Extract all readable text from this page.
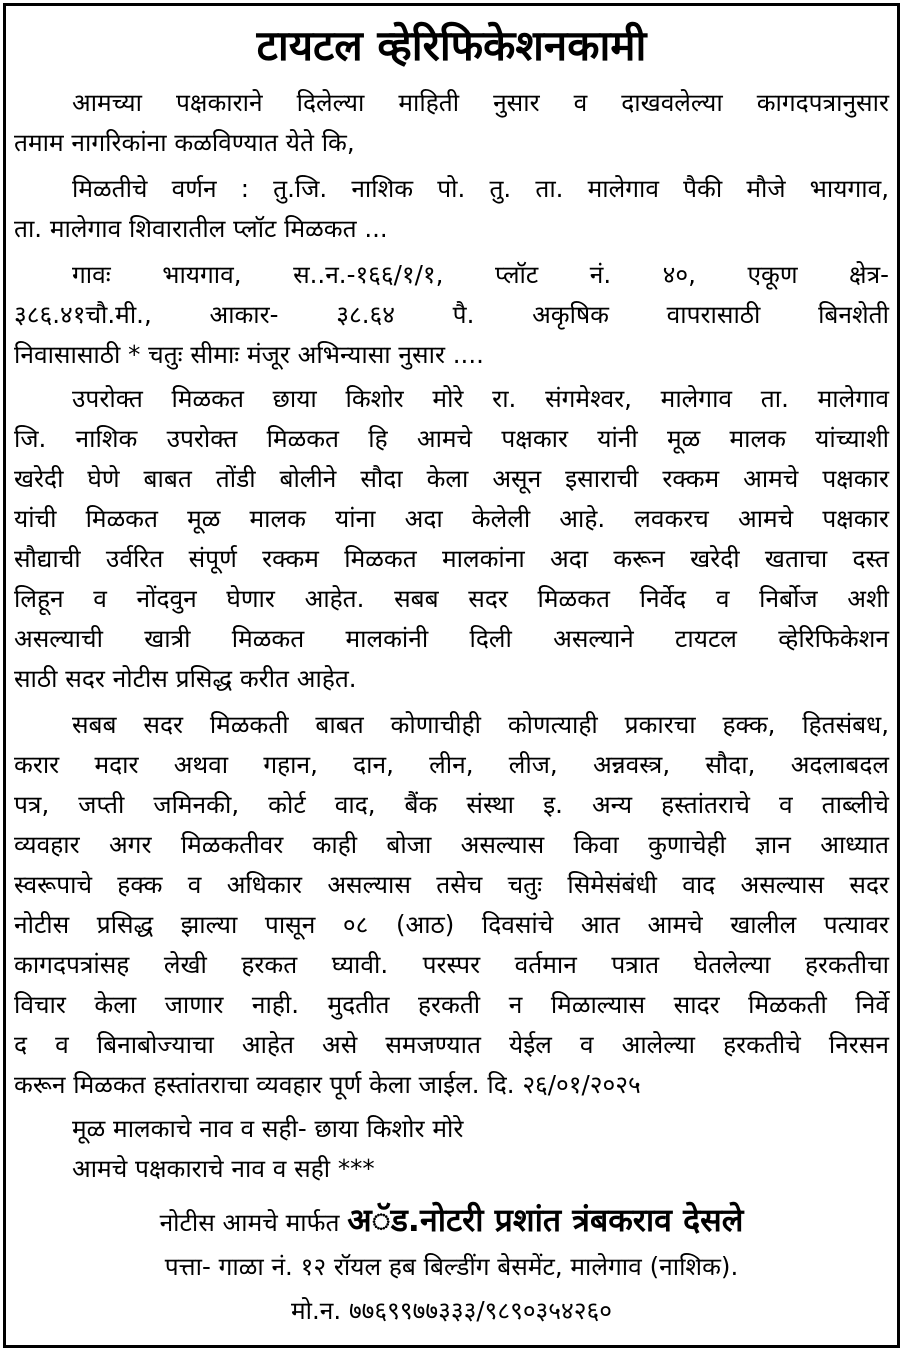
टायटल व्हेरिफिकेशनकामी
आमच्या पक्षकाराने दिलेल्या माहिती नुसार व दाखवलेल्या कागदपत्रानुसार
तमाम नागरिकांना कळविण्यात येते कि,
मिळतीचे वर्णन : तु.जि. नाशिक पो. तु. ता. मालेगाव पैकी मौजे भायगाव,
ता. मालेगाव शिवारातील प्लॉट मिळकत ...
गावः भायगाव, स..न.-१६६/१/१, प्लॉट नं. ४०, एकूण क्षेत्र-
३८६.४१चौ.मी., आकार- ३८.६४ पै. अकृषिक वापरासाठी बिनशेती
निवासासाठी * चतुः सीमाः मंजूर अभिन्यासा नुसार ....
उपरोक्त मिळकत छाया किशोर मोरे रा. संगमेश्वर, मालेगाव ता. मालेगाव
जि. नाशिक उपरोक्त मिळकत हि आमचे पक्षकार यांनी मूळ मालक यांच्याशी
खरेदी घेणे बाबत तोंडी बोलीने सौदा केला असून इसाराची रक्कम आमचे पक्षकार
यांची मिळकत मूळ मालक यांना अदा केलेली आहे. लवकरच आमचे पक्षकार
सौद्याची उर्वरित संपूर्ण रक्कम मिळकत मालकांना अदा करून खरेदी खताचा दस्त
लिहून व नोंदवुन घेणार आहेत. सबब सदर मिळकत निर्वेद व निर्बोज अशी
असल्याची खात्री मिळकत मालकांनी दिली असल्याने टायटल व्हेरिफिकेशन
साठी सदर नोटीस प्रसिद्ध करीत आहेत.
सबब सदर मिळकती बाबत कोणाचीही कोणत्याही प्रकारचा हक्क, हितसंबध,
करार मदार अथवा गहान, दान, लीन, लीज, अन्नवस्त्र, सौदा, अदलाबदल
पत्र, जप्ती जमिनकी, कोर्ट वाद, बैंक संस्था इ. अन्य हस्तांतराचे व ताब्लीचे
व्यवहार अगर मिळकतीवर काही बोजा असल्यास किवा कुणाचेही ज्ञान आध्यात
स्वरूपाचे हक्क व अधिकार असल्यास तसेच चतुः सिमेसंबंधी वाद असल्यास सदर
नोटीस प्रसिद्ध झाल्या पासून ०८ (आठ) दिवसांचे आत आमचे खालील पत्यावर
कागदपत्रांसह लेखी हरकत घ्यावी. परस्पर वर्तमान पत्रात घेतलेल्या हरकतीचा
विचार केला जाणार नाही. मुदतीत हरकती न मिळाल्यास सादर मिळकती निर्वे
द व बिनाबोज्याचा आहेत असे समजण्यात येईल व आलेल्या हरकतीचे निरसन
करून मिळकत हस्तांतराचा व्यवहार पूर्ण केला जाईल. दि. २६/०१/२०२५
मूळ मालकाचे नाव व सही- छाया किशोर मोरे
आमचे पक्षकाराचे नाव व सही ***
नोटीस आमचे मार्फत अॅड.नोटरी प्रशांत त्रंबकराव देसले
पत्ता- गाळा नं. १२ रॉयल हब बिल्डींग बेसमेंट, मालेगाव (नाशिक).
मो.न. ७७६९९७७३३३/९८९०३५४२६०
